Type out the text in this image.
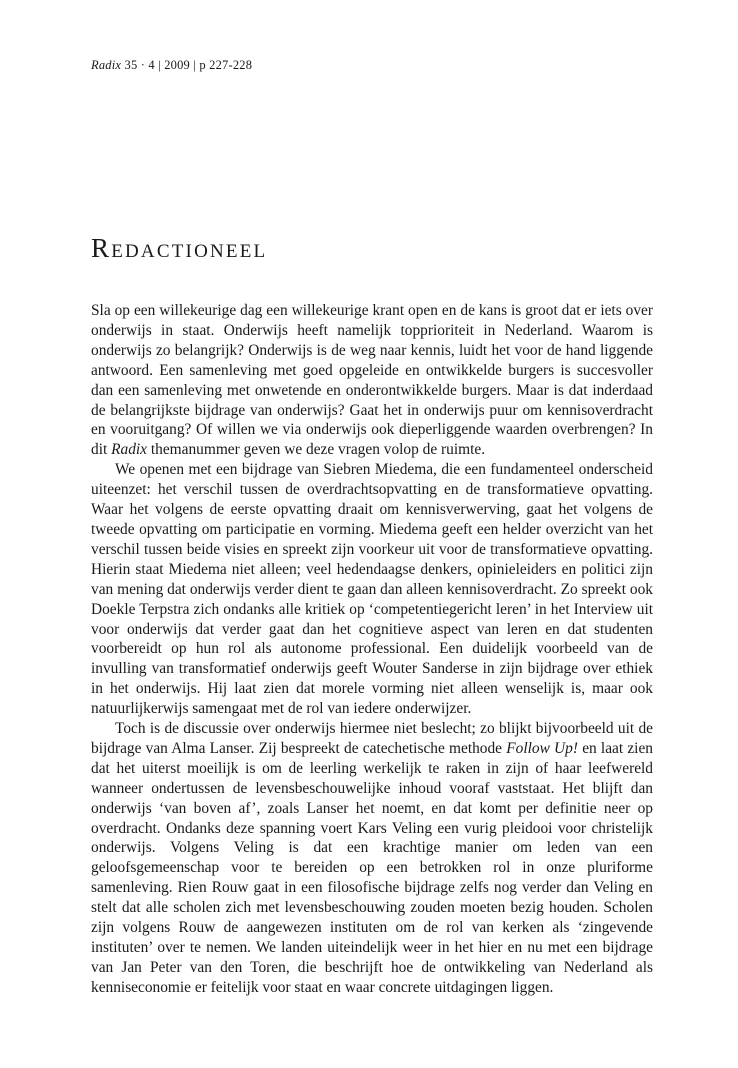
Radix 35 · 4 | 2009 | p 227-228
Redactioneel

Sla op een willekeurige dag een willekeurige krant open en de kans is groot dat er iets over onderwijs in staat. Onderwijs heeft namelijk topprioriteit in Nederland. Waarom is onderwijs zo belangrijk? Onderwijs is de weg naar kennis, luidt het voor de hand liggende antwoord. Een samenleving met goed opgeleide en ontwikkelde burgers is succesvoller dan een samenleving met onwetende en onderontwikkelde burgers. Maar is dat inderdaad de belangrijkste bijdrage van onderwijs? Gaat het in onderwijs puur om kennisoverdracht en vooruitgang? Of willen we via onderwijs ook dieperliggende waarden overbrengen? In dit Radix themanummer geven we deze vragen volop de ruimte.

We openen met een bijdrage van Siebren Miedema, die een fundamenteel onderscheid uiteenzet: het verschil tussen de overdrachtsopvatting en de transformatieve opvatting. Waar het volgens de eerste opvatting draait om kennisverwerving, gaat het volgens de tweede opvatting om participatie en vorming. Miedema geeft een helder overzicht van het verschil tussen beide visies en spreekt zijn voorkeur uit voor de transformatieve opvatting. Hierin staat Miedema niet alleen; veel hedendaagse denkers, opinieleiders en politici zijn van mening dat onderwijs verder dient te gaan dan alleen kennisoverdracht. Zo spreekt ook Doekle Terpstra zich ondanks alle kritiek op ‘competentiegericht leren’ in het Interview uit voor onderwijs dat verder gaat dan het cognitieve aspect van leren en dat studenten voorbereidt op hun rol als autonome professional. Een duidelijk voorbeeld van de invulling van transformatief onderwijs geeft Wouter Sanderse in zijn bijdrage over ethiek in het onderwijs. Hij laat zien dat morele vorming niet alleen wenselijk is, maar ook natuurlijkerwijs samengaat met de rol van iedere onderwijzer.

Toch is de discussie over onderwijs hiermee niet beslecht; zo blijkt bijvoorbeeld uit de bijdrage van Alma Lanser. Zij bespreekt de catechetische methode Follow Up! en laat zien dat het uiterst moeilijk is om de leerling werkelijk te raken in zijn of haar leefwereld wanneer ondertussen de levensbeschouwelijke inhoud vooraf vaststaat. Het blijft dan onderwijs ‘van boven af’, zoals Lanser het noemt, en dat komt per definitie neer op overdracht. Ondanks deze spanning voert Kars Veling een vurig pleidooi voor christelijk onderwijs. Volgens Veling is dat een krachtige manier om leden van een geloofsgemeenschap voor te bereiden op een betrokken rol in onze pluriforme samenleving. Rien Rouw gaat in een filosofische bijdrage zelfs nog verder dan Veling en stelt dat alle scholen zich met levensbeschouwing zouden moeten bezig houden. Scholen zijn volgens Rouw de aangewezen instituten om de rol van kerken als ‘zingevende instituten’ over te nemen. We landen uiteindelijk weer in het hier en nu met een bijdrage van Jan Peter van den Toren, die beschrijft hoe de ontwikkeling van Nederland als kenniseconomie er feitelijk voor staat en waar concrete uitdagingen liggen.
